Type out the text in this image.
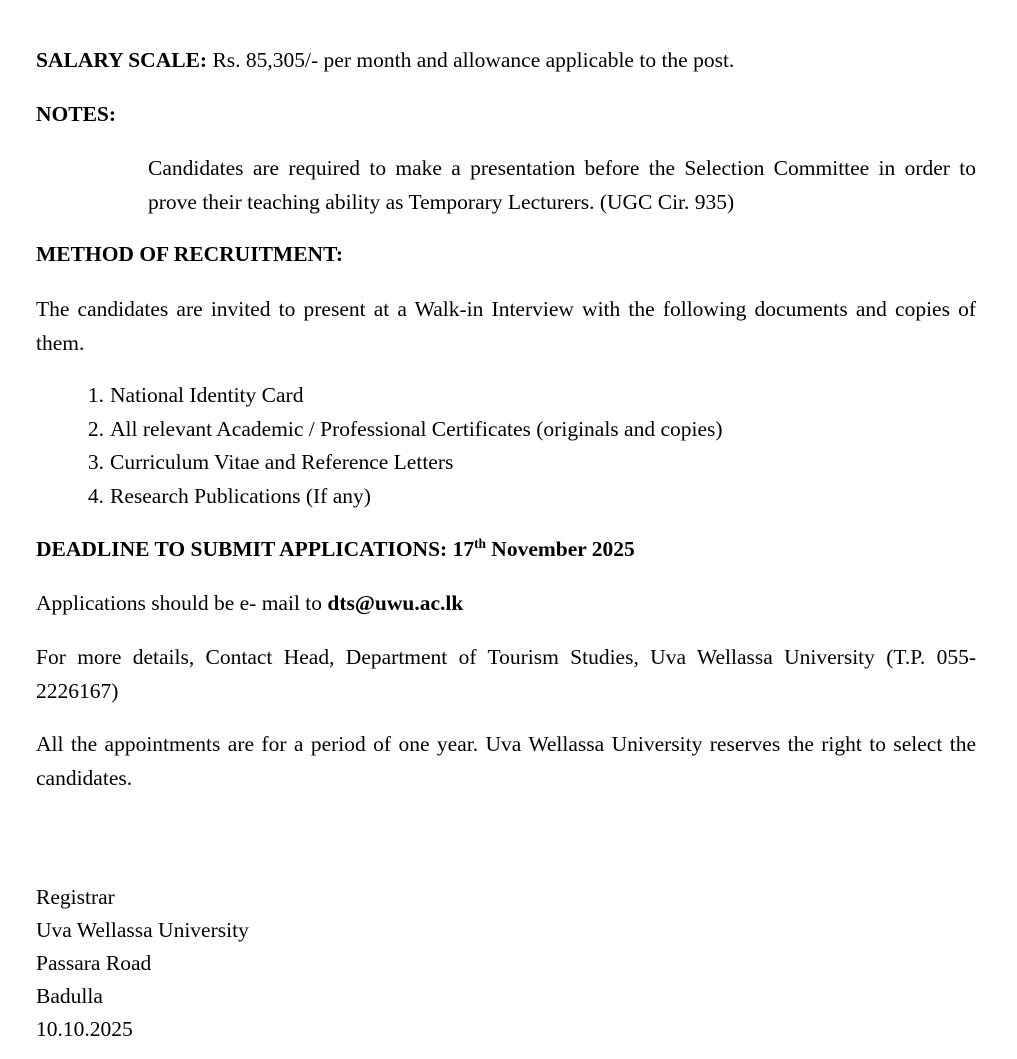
SALARY SCALE: Rs. 85,305/- per month and allowance applicable to the post.

NOTES:

Candidates are required to make a presentation before the Selection Committee in order to prove their teaching ability as Temporary Lecturers. (UGC Cir. 935)

METHOD OF RECRUITMENT:

The candidates are invited to present at a Walk-in Interview with the following documents and copies of them.

1. National Identity Card
2. All relevant Academic / Professional Certificates (originals and copies)
3. Curriculum Vitae and Reference Letters
4. Research Publications (If any)

DEADLINE TO SUBMIT APPLICATIONS: 17th November 2025

Applications should be e- mail to dts@uwu.ac.lk

For more details, Contact Head, Department of Tourism Studies, Uva Wellassa University (T.P. 055-2226167)

All the appointments are for a period of one year. Uva Wellassa University reserves the right to select the candidates.

Registrar
Uva Wellassa University
Passara Road
Badulla
10.10.2025
